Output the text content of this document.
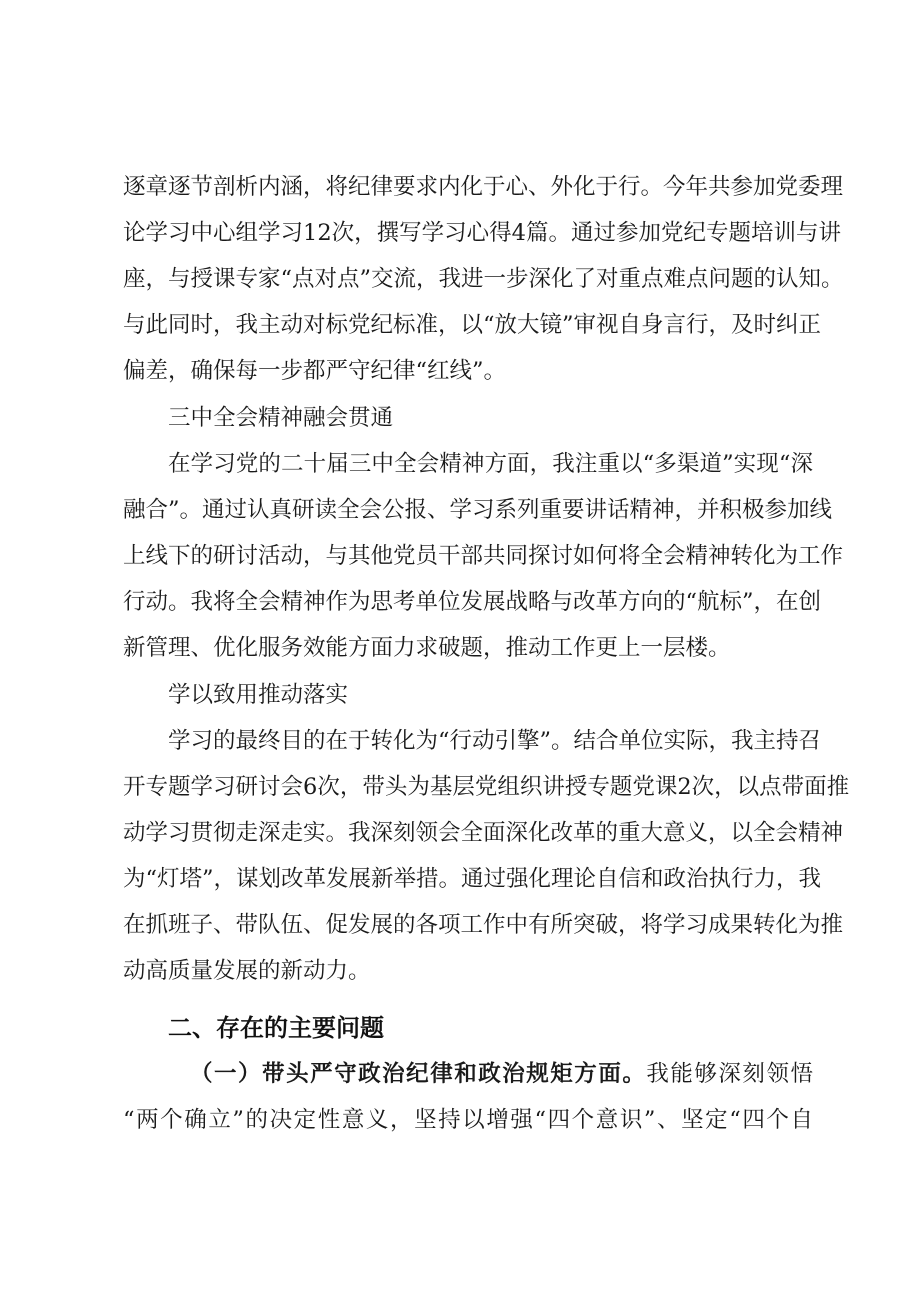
逐章逐节剖析内涵，将纪律要求内化于心、外化于行。今年共参加党委理
论学习中心组学习12次，撰写学习心得4篇。通过参加党纪专题培训与讲
座，与授课专家“点对点”交流，我进一步深化了对重点难点问题的认知。
与此同时，我主动对标党纪标准，以“放大镜”审视自身言行，及时纠正
偏差，确保每一步都严守纪律“红线”。
三中全会精神融会贯通
在学习党的二十届三中全会精神方面，我注重以“多渠道”实现“深
融合”。通过认真研读全会公报、学习系列重要讲话精神，并积极参加线
上线下的研讨活动，与其他党员干部共同探讨如何将全会精神转化为工作
行动。我将全会精神作为思考单位发展战略与改革方向的“航标”，在创
新管理、优化服务效能方面力求破题，推动工作更上一层楼。
学以致用推动落实
学习的最终目的在于转化为“行动引擎”。结合单位实际，我主持召
开专题学习研讨会6次，带头为基层党组织讲授专题党课2次，以点带面推
动学习贯彻走深走实。我深刻领会全面深化改革的重大意义，以全会精神
为“灯塔”，谋划改革发展新举措。通过强化理论自信和政治执行力，我
在抓班子、带队伍、促发展的各项工作中有所突破，将学习成果转化为推
动高质量发展的新动力。
二、存在的主要问题
（一）带头严守政治纪律和政治规矩方面。我能够深刻领悟
“两个确立”的决定性意义，坚持以增强“四个意识”、坚定“四个自
